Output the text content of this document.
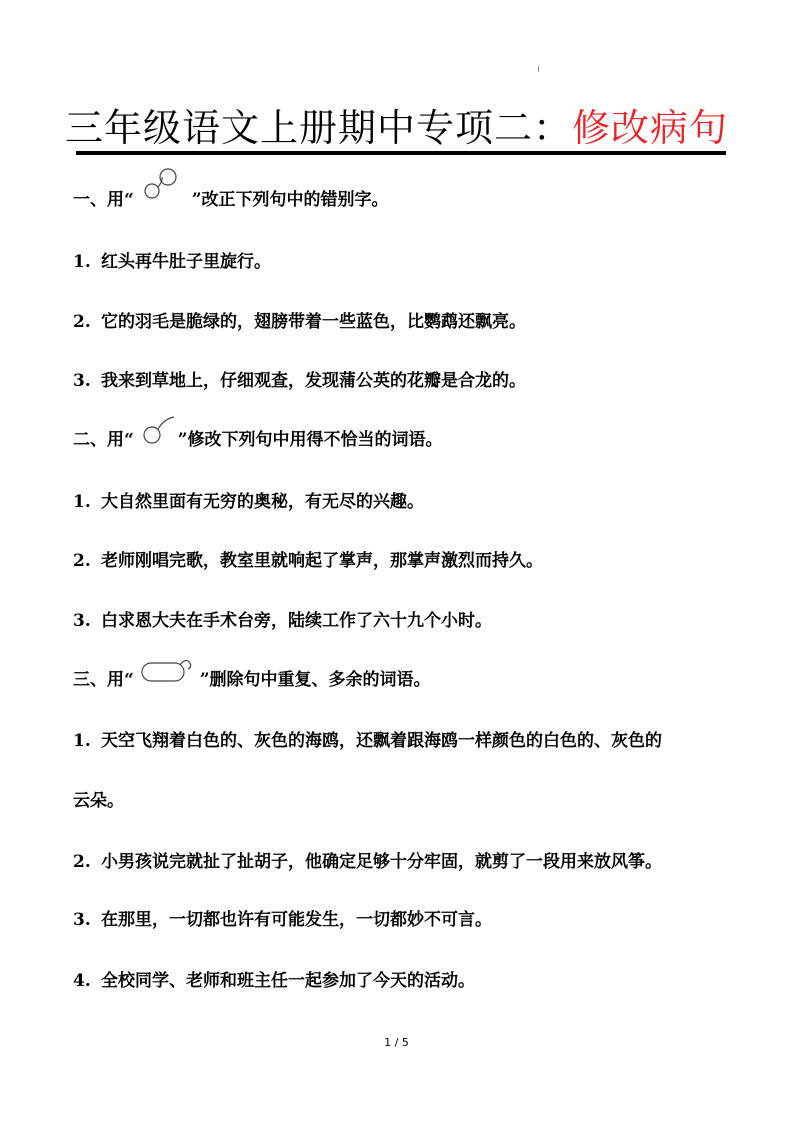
三年级语文上册期中专项二：修改病句
一、用“	”改正下列句中的错别字。
1. 红头再牛肚子里旋行。
2. 它的羽毛是脆绿的，翅膀带着一些蓝色，比鹦鹉还飘亮。
3. 我来到草地上，仔细观查，发现蒲公英的花瓣是合龙的。
二、用“	”修改下列句中用得不恰当的词语。
1. 大自然里面有无穷的奥秘，有无尽的兴趣。
2. 老师刚唱完歌，教室里就响起了掌声，那掌声激烈而持久。
3. 白求恩大夫在手术台旁，陆续工作了六十九个小时。
三、用“	”删除句中重复、多余的词语。
1. 天空飞翔着白色的、灰色的海鸥，还飘着跟海鸥一样颜色的白色的、灰色的
云朵。
2. 小男孩说完就扯了扯胡子，他确定足够十分牢固，就剪了一段用来放风筝。
3. 在那里，一切都也许有可能发生，一切都妙不可言。
4. 全校同学、老师和班主任一起参加了今天的活动。
1 / 5
